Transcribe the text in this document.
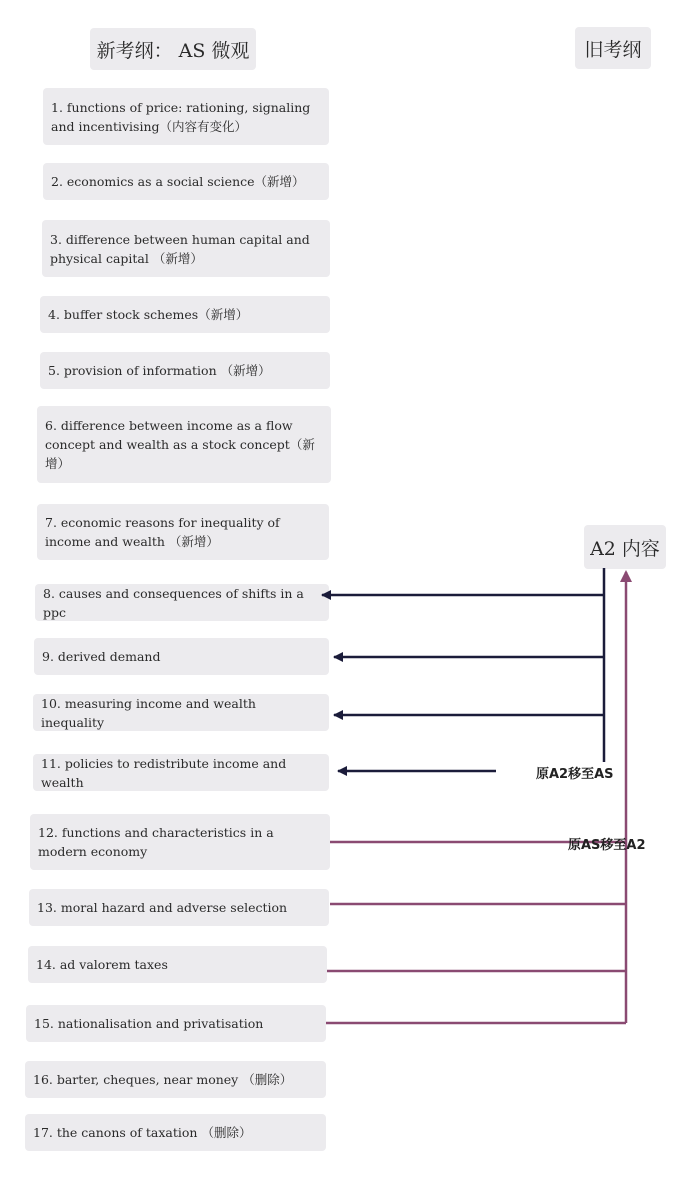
新考纲： AS 微观	旧考纲
A2 内容
1. functions of price: rationing, signaling and incentivising（内容有变化）
2. economics as a social science（新增）
3. difference between human capital and physical capital （新增）
4. buffer stock schemes（新增）
5. provision of information （新增）
6. difference between income as a flow concept and wealth as a stock concept（新增）
7. economic reasons for inequality of income and wealth （新增）
8. causes and consequences of shifts in a ppc
9. derived demand
10. measuring income and wealth inequality
11. policies to redistribute income and wealth
12. functions and characteristics in a modern economy
13. moral hazard and adverse selection
14. ad valorem taxes
15. nationalisation and privatisation
16. barter, cheques, near money （删除）
17. the canons of taxation （删除）
原A2移至AS
原AS移至A2
